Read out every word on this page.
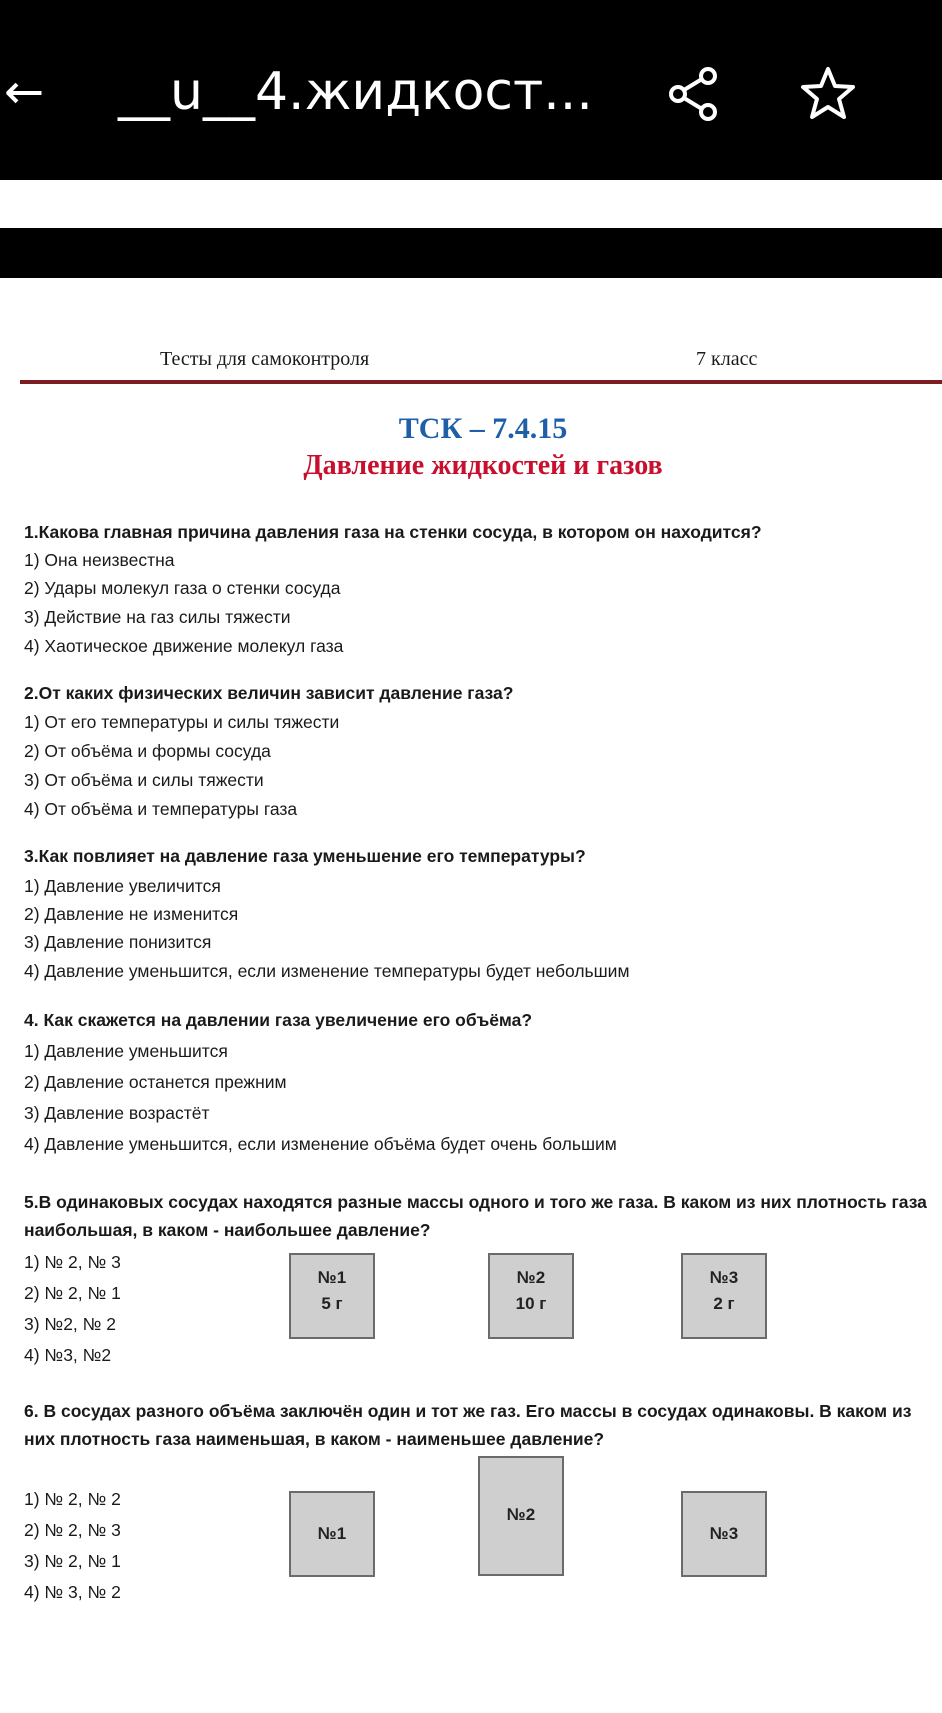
← __u__4.жидкост...
Тесты для самоконтроля	7 класс
ТСК – 7.4.15
Давление жидкостей и газов
1.Какова главная причина давления газа на стенки сосуда, в котором он находится?
1) Она неизвестна
2) Удары молекул газа о стенки сосуда
3) Действие на газ силы тяжести
4) Хаотическое движение молекул газа
2.От каких физических величин зависит давление газа?
1) От его температуры и силы тяжести
2) От объёма и формы сосуда
3) От объёма и силы тяжести
4) От объёма и температуры газа
3.Как повлияет на давление газа уменьшение его температуры?
1) Давление увеличится
2) Давление не изменится
3) Давление понизится
4) Давление уменьшится, если изменение температуры будет небольшим
4. Как скажется на давлении газа увеличение его объёма?
1) Давление уменьшится
2) Давление останется прежним
3) Давление возрастёт
4) Давление уменьшится, если изменение объёма будет очень большим
5.В одинаковых сосудах находятся разные массы одного и того же газа. В каком из них плотность газа наибольшая, в каком - наибольшее давление?
1) № 2, № 3
2) № 2, № 1
3) №2, № 2
4) №3, №2
№1
5 г
№2
10 г
№3
2 г
6. В сосудах разного объёма заключён один и тот же газ. Его массы в сосудах одинаковы. В каком из них плотность газа наименьшая, в каком - наименьшее давление?
1) № 2, № 2
2) № 2, № 3
3) № 2, № 1
4) № 3, № 2
№1
№2
№3
